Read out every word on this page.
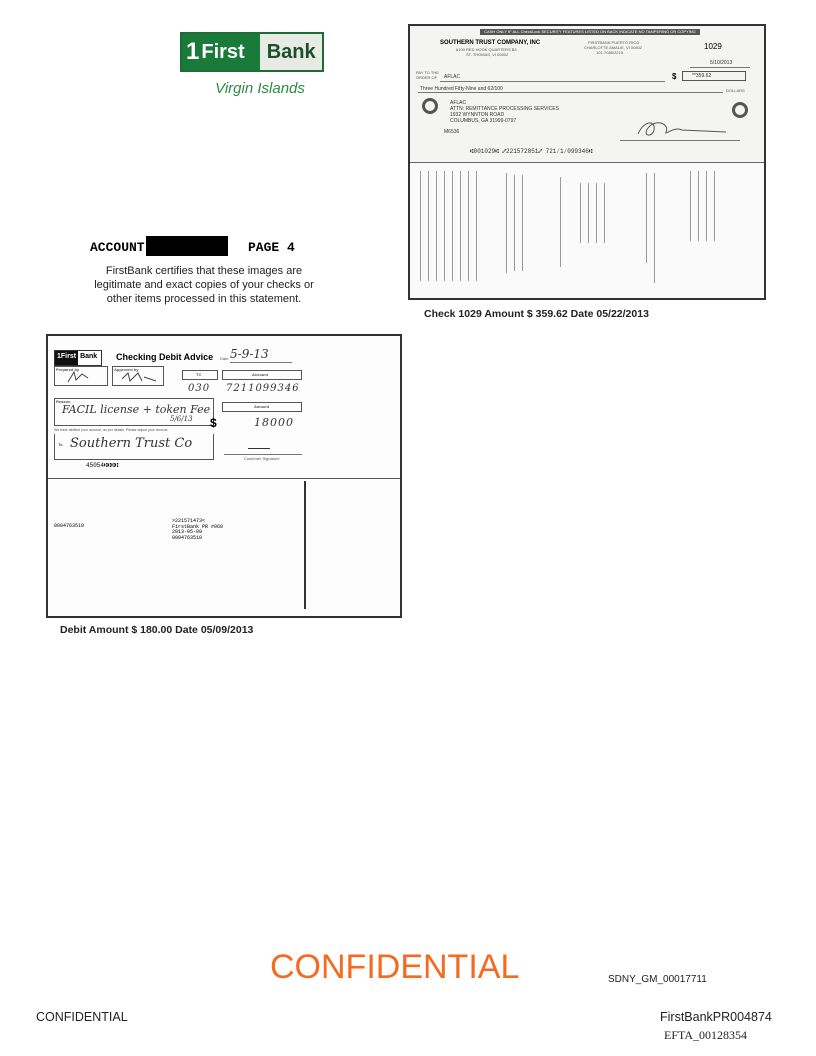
1 First	Bank
Virgin Islands
ACCOUNT	PAGE 4
FirstBank certifies that these images are legitimate and exact copies of your checks or other items processed in this statement.
CASH ONLY IF ALL CheckLock SECURITY FEATURES LISTED ON BACK INDICATE NO TAMPERING OR COPYING
SOUTHERN TRUST COMPANY, INC
6100 RED HOOK QUARTERS B3
ST. THOMAS, VI 00802
FIRSTBANK PUERTO RICO
CHARLOTTE AMALIE, VI 00802
101-7085/2215
1029
5/10/2013
PAY TO THE
ORDER OF AFLAC	$	**359.62
Three Hundred Fifty-Nine and 62/100	DOLLARS
AFLAC
ATTN: REMITTANCE PROCESSING SERVICES
1932 WYNNTON ROAD
COLUMBUS, GA 31999-0797
M6536
⑆001029⑆ ⑇221572851⑇ 721⁄1⁄099346⑆
Check 1029 Amount $ 359.62 Date 05/22/2013
1First Bank Checking Debit Advice Date 5-9-13
Prepared by	Approved by
TC	Account
030 7211099346
Reason
FACIL license + token Fee
5/6/13
Amount
$	18000
We have debited your account, as per details. Please adjust your records
To Southern Trust Co
Customer Signature
45054⑆⑆⑆⑆
0004763510
>221571473<
FirstBank PR #060
2013-05-09
0004763510
Debit Amount $ 180.00 Date 05/09/2013
CONFIDENTIAL	SDNY_GM_00017711
CONFIDENTIAL	FirstBankPR004874
EFTA_00128354
